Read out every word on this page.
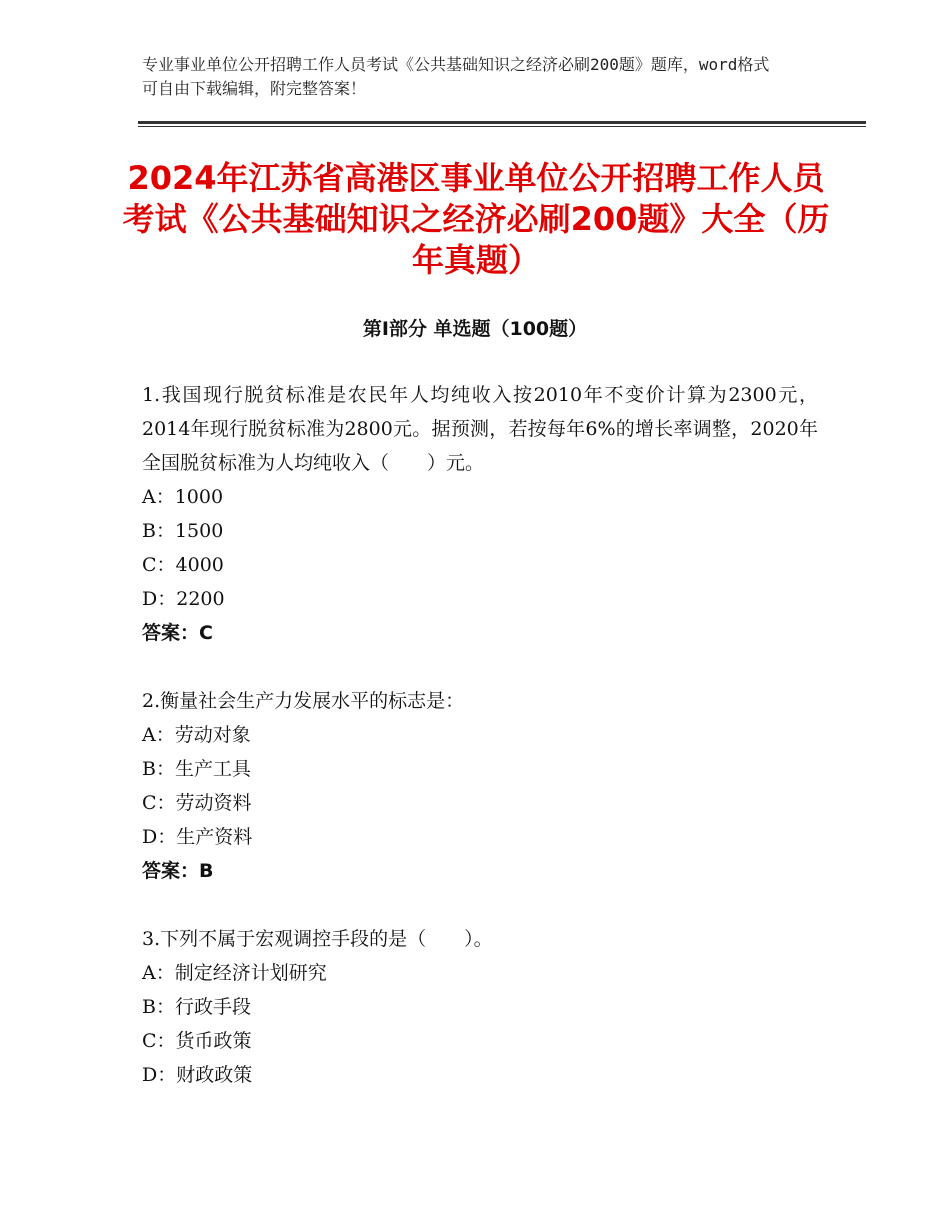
专业事业单位公开招聘工作人员考试《公共基础知识之经济必刷200题》题库，word格式可自由下载编辑，附完整答案！
2024年江苏省高港区事业单位公开招聘工作人员考试《公共基础知识之经济必刷200题》大全（历年真题）
第I部分 单选题（100题）
1.我国现行脱贫标准是农民年人均纯收入按2010年不变价计算为2300元，2014年现行脱贫标准为2800元。据预测，若按每年6%的增长率调整，2020年全国脱贫标准为人均纯收入（　　）元。
A：1000
B：1500
C：4000
D：2200
答案：C
2.衡量社会生产力发展水平的标志是：
A：劳动对象
B：生产工具
C：劳动资料
D：生产资料
答案：B
3.下列不属于宏观调控手段的是（　　）。
A：制定经济计划研究
B：行政手段
C：货币政策
D：财政政策
